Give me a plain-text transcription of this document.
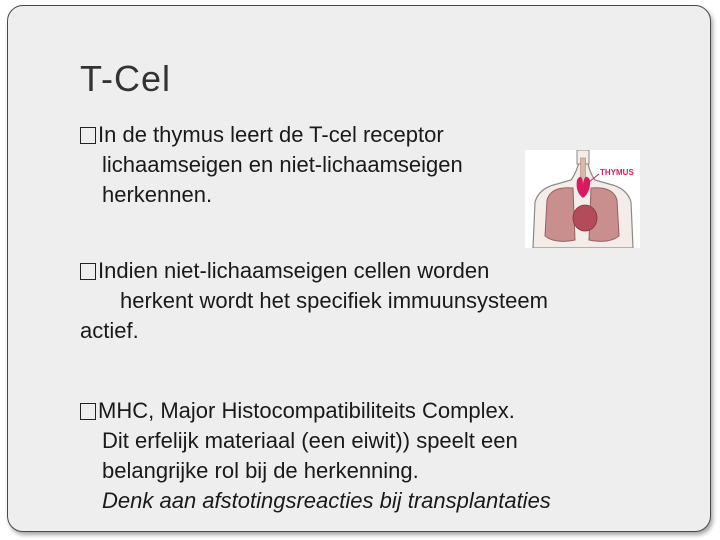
T-Cel
In de thymus leert de T-cel receptor
lichaamseigen en niet-lichaamseigen
herkennen.
Indien niet-lichaamseigen cellen worden
herkent wordt het specifiek immuunsysteem
actief.
MHC, Major Histocompatibiliteits Complex.
Dit erfelijk materiaal (een eiwit)) speelt een
belangrijke rol bij de herkenning.
Denk aan afstotingsreacties bij transplantaties
THYMUS
